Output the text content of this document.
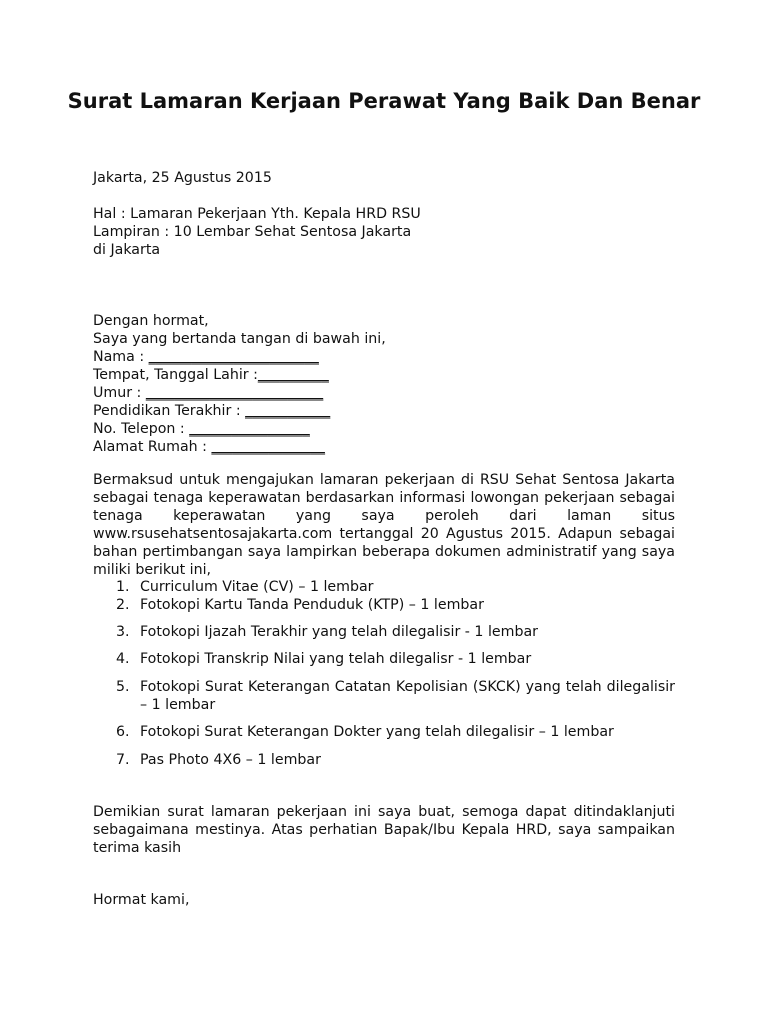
Surat Lamaran Kerjaan Perawat Yang Baik Dan Benar
Jakarta, 25 Agustus 2015
Hal : Lamaran Pekerjaan Yth. Kepala HRD RSU
Lampiran : 10 Lembar Sehat Sentosa Jakarta
di Jakarta
Dengan hormat,
Saya yang bertanda tangan di bawah ini,
Nama : ________________________
Tempat, Tanggal Lahir :__________
Umur : _________________________
Pendidikan Terakhir : ____________
No. Telepon : _________________
Alamat Rumah : ________________
Bermaksud untuk mengajukan lamaran pekerjaan di RSU Sehat Sentosa Jakarta sebagai tenaga keperawatan berdasarkan informasi lowongan pekerjaan sebagai tenaga keperawatan yang saya peroleh dari laman situs www.rsusehatsentosajakarta.com tertanggal 20 Agustus 2015. Adapun sebagai bahan pertimbangan saya lampirkan beberapa dokumen administratif yang saya miliki berikut ini,
1. Curriculum Vitae (CV) – 1 lembar
2. Fotokopi Kartu Tanda Penduduk (KTP) – 1 lembar
3. Fotokopi Ijazah Terakhir yang telah dilegalisir - 1 lembar
4. Fotokopi Transkrip Nilai yang telah dilegalisr - 1 lembar
5. Fotokopi Surat Keterangan Catatan Kepolisian (SKCK) yang telah dilegalisir – 1 lembar
6. Fotokopi Surat Keterangan Dokter yang telah dilegalisir – 1 lembar
7. Pas Photo 4X6 – 1 lembar
Demikian surat lamaran pekerjaan ini saya buat, semoga dapat ditindaklanjuti sebagaimana mestinya. Atas perhatian Bapak/Ibu Kepala HRD, saya sampaikan terima kasih
Hormat kami,
